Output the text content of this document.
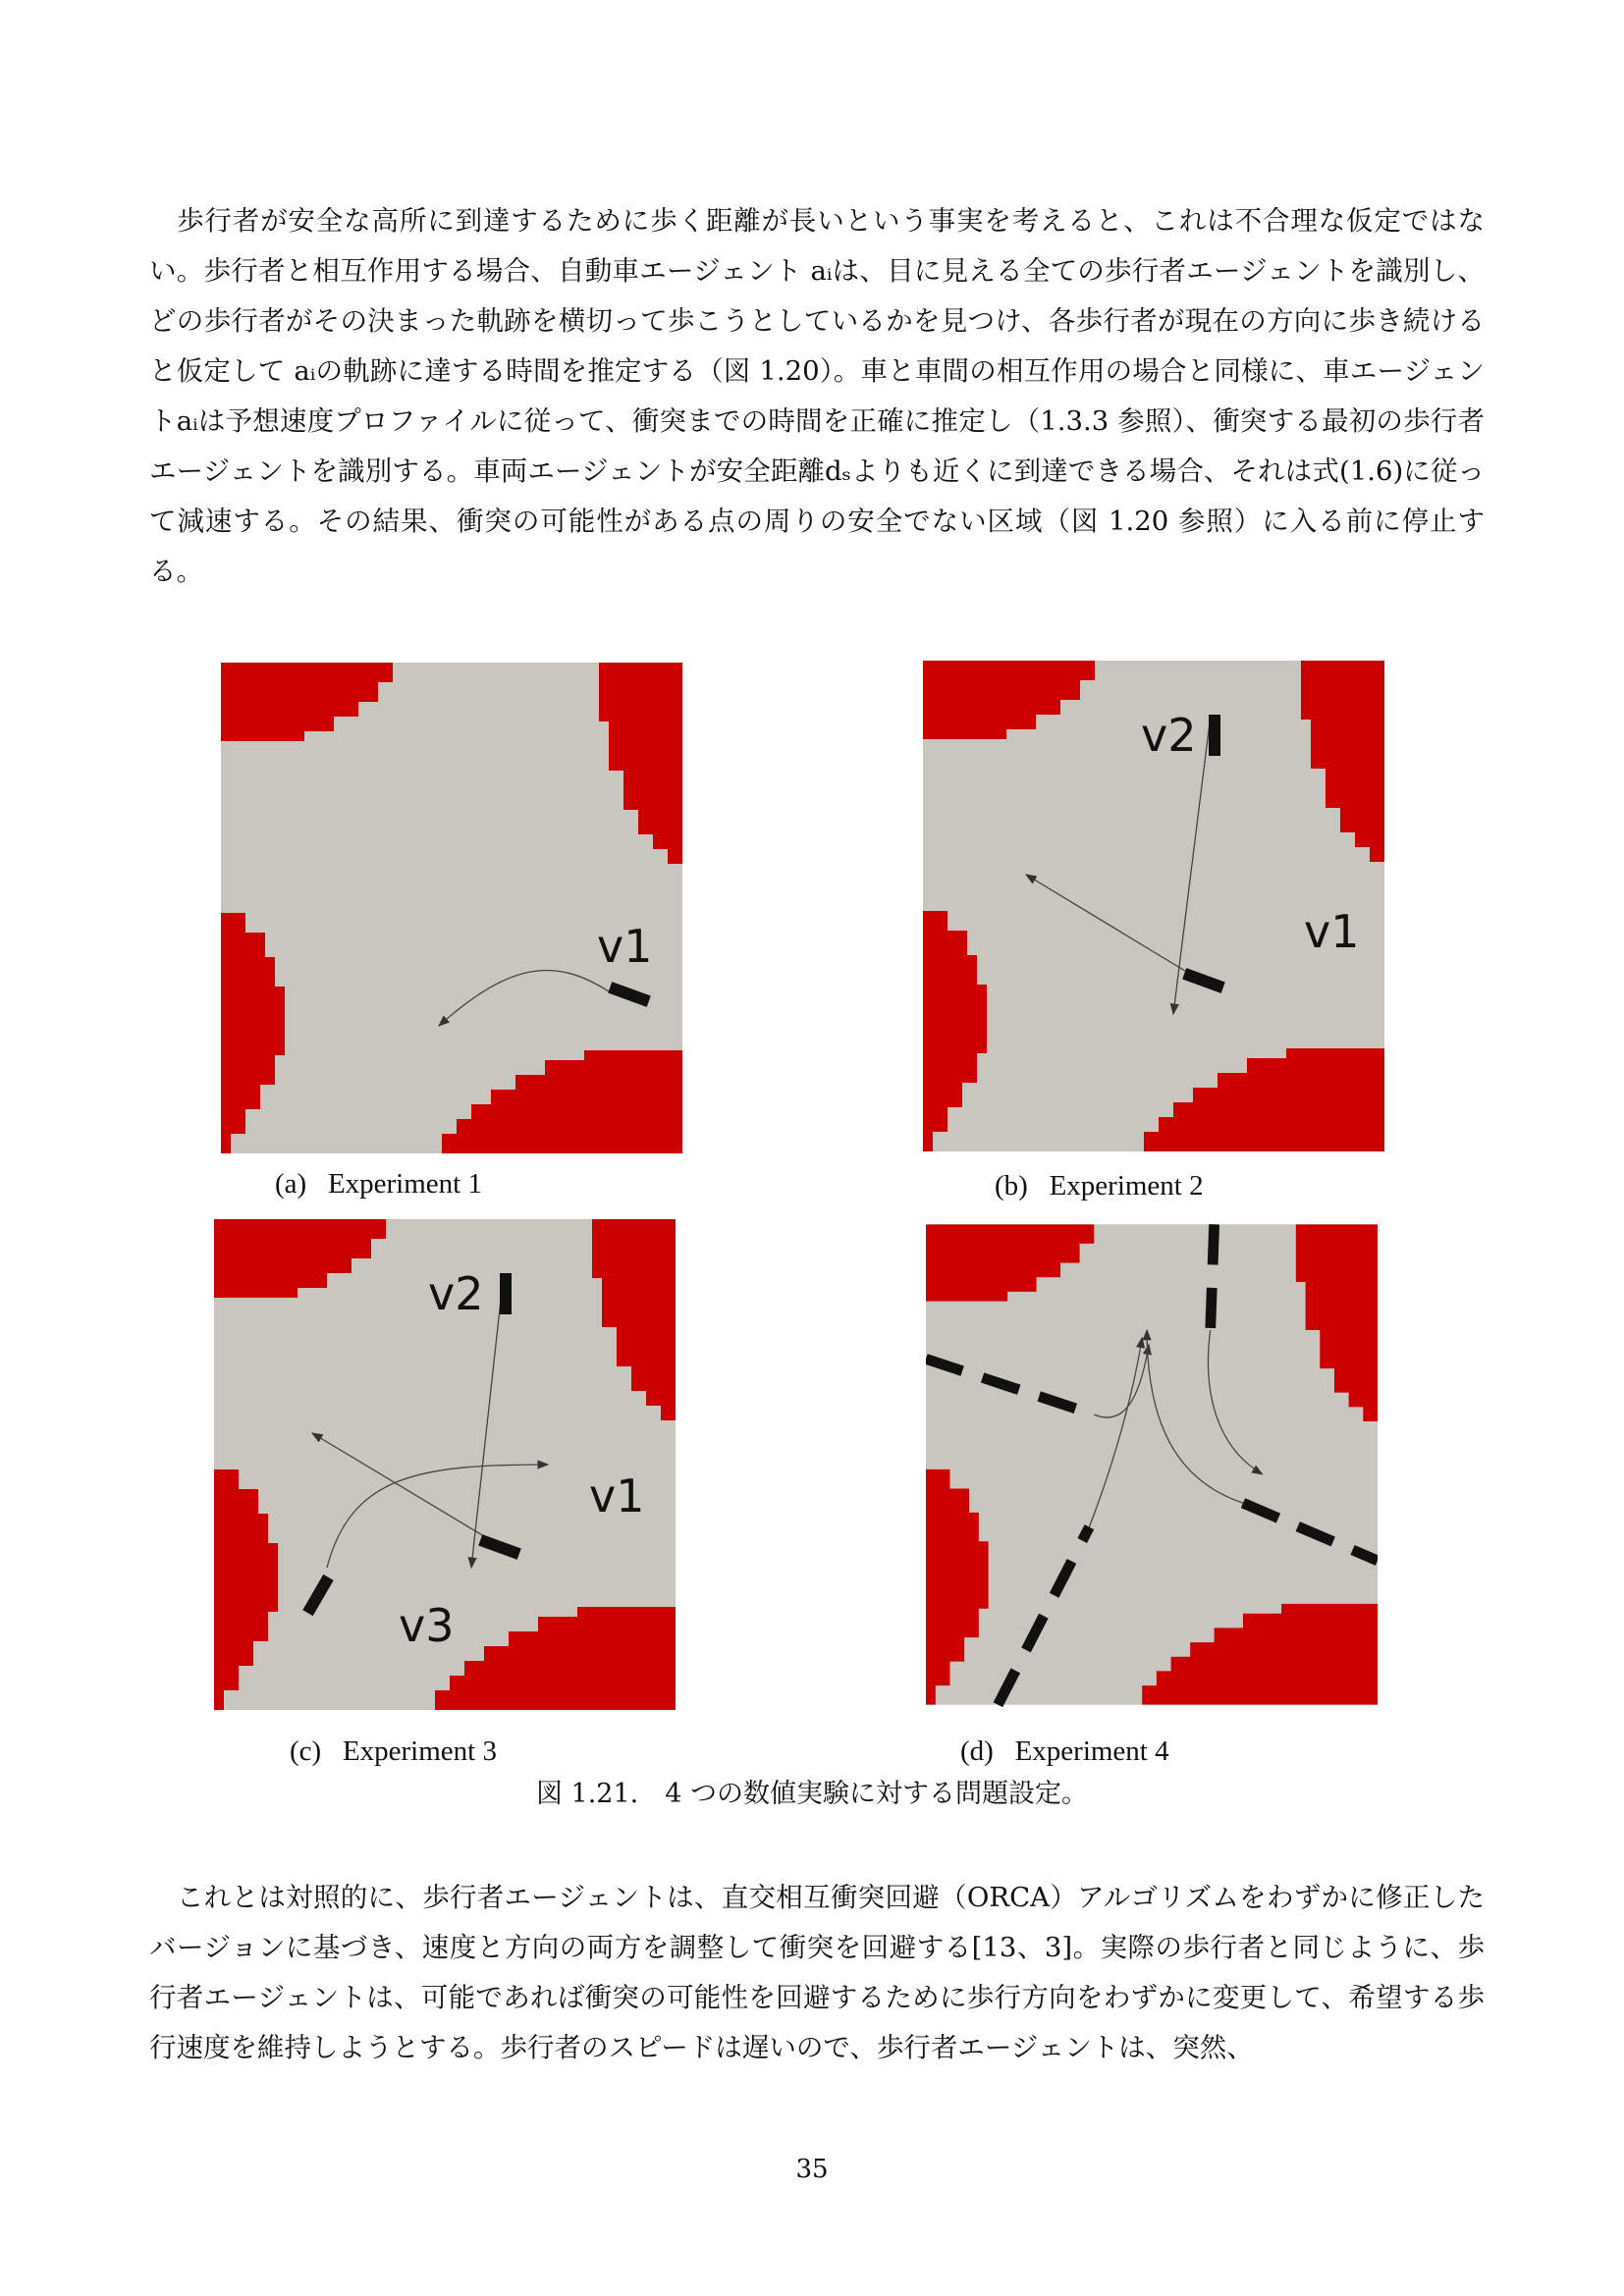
歩行者が安全な高所に到達するために歩く距離が長いという事実を考えると、これは不合理な仮定ではない。歩行者と相互作用する場合、自動車エージェント aᵢは、目に見える全ての歩行者エージェントを識別し、どの歩行者がその決まった軌跡を横切って歩こうとしているかを見つけ、各歩行者が現在の方向に歩き続けると仮定して aᵢの軌跡に達する時間を推定する（図 1.20）。車と車間の相互作用の場合と同様に、車エージェントaᵢは予想速度プロファイルに従って、衝突までの時間を正確に推定し（1.3.3 参照）、衝突する最初の歩行者エージェントを識別する。車両エージェントが安全距離dₛよりも近くに到達できる場合、それは式(1.6)に従って減速する。その結果、衝突の可能性がある点の周りの安全でない区域（図 1.20 参照）に入る前に停止する。

v1
(a) Experiment 1
v2
v1
(b) Experiment 2
v2
v1
v3
(c) Experiment 3	(d) Experiment 4
図 1.21.　4 つの数値実験に対する問題設定。

これとは対照的に、歩行者エージェントは、直交相互衝突回避（ORCA）アルゴリズムをわずかに修正したバージョンに基づき、速度と方向の両方を調整して衝突を回避する[13、3]。実際の歩行者と同じように、歩行者エージェントは、可能であれば衝突の可能性を回避するために歩行方向をわずかに変更して、希望する歩行速度を維持しようとする。歩行者のスピードは遅いので、歩行者エージェントは、突然、

35
